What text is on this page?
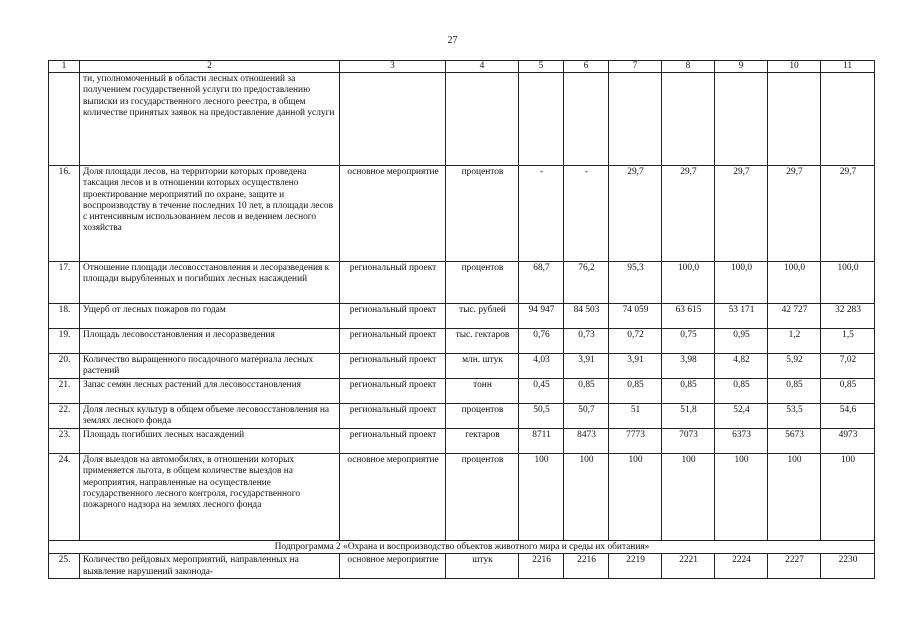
27
1	2	3	4	5	6	7	8	9	10	11
	ти, уполномоченный в области лесных отношений за получением государственной услуги по предоставлению выписки из государственного лесного реестра, в общем количестве принятых заявок на предоставление данной услуги									
16.	Доля площади лесов, на территории которых проведена таксация лесов и в отношении которых осуществлено проектирование мероприятий по охране, защите и воспроизводству в течение последних 10 лет, в площади лесов с интенсивным использованием лесов и ведением лесного хозяйства	основное мероприятие	процентов	-	-	29,7	29,7	29,7	29,7	29,7
17.	Отношение площади лесовосстановления и лесоразведения к площади вырубленных и погибших лесных насаждений	региональный проект	процентов	68,7	76,2	95,3	100,0	100,0	100,0	100,0
18.	Ущерб от лесных пожаров по годам	региональный проект	тыс. рублей	94 947	84 503	74 059	63 615	53 171	42 727	32 283
19.	Площадь лесовосстановления и лесоразведения	региональный проект	тыс. гектаров	0,76	0,73	0,72	0,75	0,95	1,2	1,5
20.	Количество выращенного посадочного материала лесных растений	региональный проект	млн. штук	4,03	3,91	3,91	3,98	4,82	5,92	7,02
21.	Запас семян лесных растений для лесовосстановления	региональный проект	тонн	0,45	0,85	0,85	0,85	0,85	0,85	0,85
22.	Доля лесных культур в общем объеме лесовосстановления на землях лесного фонда	региональный проект	процентов	50,5	50,7	51	51,8	52,4	53,5	54,6
23.	Площадь погибших лесных насаждений	региональный проект	гектаров	8711	8473	7773	7073	6373	5673	4973
24.	Доля выездов на автомобилях, в отношении которых применяется льгота, в общем количестве выездов на мероприятия, направленные на осуществление государственного лесного контроля, государственного пожарного надзора на землях лесного фонда	основное мероприятие	процентов	100	100	100	100	100	100	100
Подпрограмма 2 «Охрана и воспроизводство объектов животного мира и среды их обитания»										
25.	Количество рейдовых мероприятий, направленных на выявление нарушений законода-	основное мероприятие	штук	2216	2216	2219	2221	2224	2227	2230
